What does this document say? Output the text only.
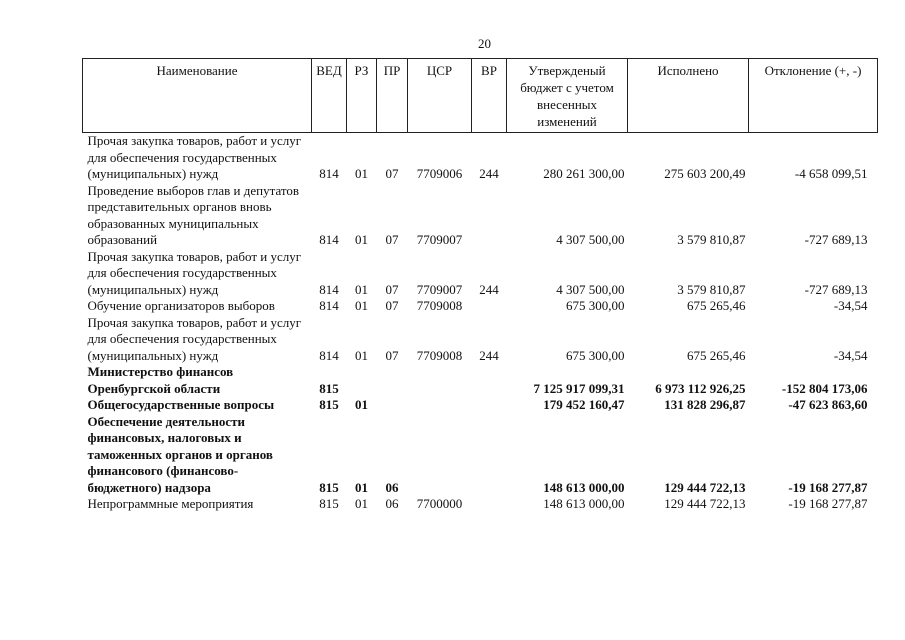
20
Наименование	ВЕД	РЗ	ПР	ЦСР	ВР	Утвержденый бюджет с учетом внесенных изменений	Исполнено	Отклонение (+, -)
Прочая закупка товаров, работ и услуг для обеспечения государственных (муниципальных) нужд	814	01	07	7709006	244	280 261 300,00	275 603 200,49	-4 658 099,51
Проведение выборов глав и депутатов представительных органов вновь образованных муниципальных образований	814	01	07	7709007		4 307 500,00	3 579 810,87	-727 689,13
Прочая закупка товаров, работ и услуг для обеспечения государственных (муниципальных) нужд	814	01	07	7709007	244	4 307 500,00	3 579 810,87	-727 689,13
Обучение организаторов выборов	814	01	07	7709008		675 300,00	675 265,46	-34,54
Прочая закупка товаров, работ и услуг для обеспечения государственных (муниципальных) нужд	814	01	07	7709008	244	675 300,00	675 265,46	-34,54
Министерство финансов Оренбургской области	815					7 125 917 099,31	6 973 112 926,25	-152 804 173,06
Общегосударственные вопросы	815	01				179 452 160,47	131 828 296,87	-47 623 863,60
Обеспечение деятельности финансовых, налоговых и таможенных органов и органов финансового (финансово-бюджетного) надзора	815	01	06			148 613 000,00	129 444 722,13	-19 168 277,87
Непрограммные мероприятия	815	01	06	7700000		148 613 000,00	129 444 722,13	-19 168 277,87
